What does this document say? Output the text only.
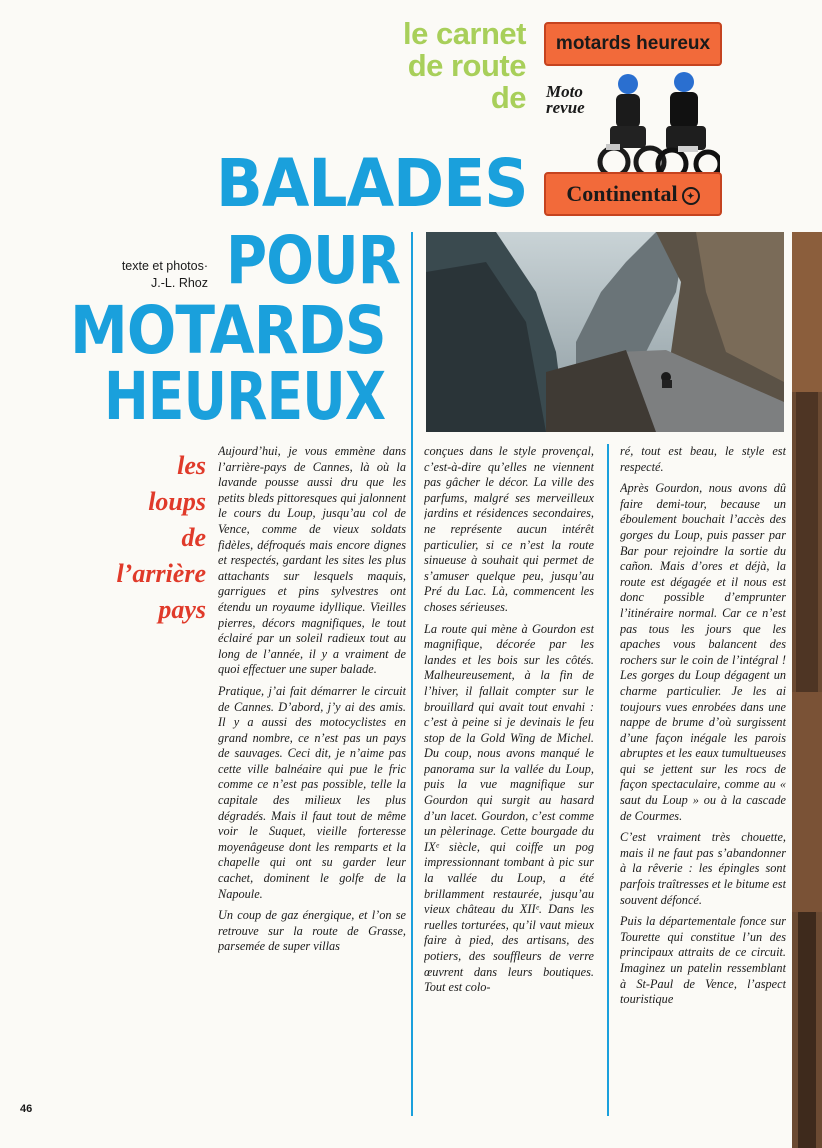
le carnet
de route
de
motards heureux
Moto revue
Continental ✦
BALADES
POUR
MOTARDS
HEUREUX
texte et photos·
J.-L. Rhoz
les
loups
de
l’arrière
pays

Aujourd’hui, je vous emmène dans l’arrière-pays de Cannes, là où la lavande pousse aussi dru que les petits bleds pittoresques qui jalonnent le cours du Loup, jusqu’au col de Vence, comme de vieux soldats fidèles, défroqués mais encore dignes et respectés, gardant les sites les plus attachants sur lesquels maquis, garrigues et pins sylvestres ont étendu un royaume idyllique. Vieilles pierres, décors magnifiques, le tout éclairé par un soleil radieux tout au long de l’année, il y a vraiment de quoi effectuer une super balade.

Pratique, j’ai fait démarrer le circuit de Cannes. D’abord, j’y ai des amis. Il y a aussi des motocyclistes en grand nombre, ce n’est pas un pays de sauvages. Ceci dit, je n’aime pas cette ville balnéaire qui pue le fric comme ce n’est pas possible, telle la capitale des milieux les plus dégradés. Mais il faut tout de même voir le Suquet, vieille forteresse moyenâgeuse dont les remparts et la chapelle qui ont su garder leur cachet, dominent le golfe de la Napoule.

Un coup de gaz énergique, et l’on se retrouve sur la route de Grasse, parsemée de super villas

conçues dans le style provençal, c’est-à-dire qu’elles ne viennent pas gâcher le décor. La ville des parfums, malgré ses merveilleux jardins et résidences secondaires, ne représente aucun intérêt particulier, si ce n’est la route sinueuse à souhait qui permet de s’amuser quelque peu, jusqu’au Pré du Lac. Là, commencent les choses sérieuses.

La route qui mène à Gourdon est magnifique, décorée par les landes et les bois sur les côtés. Malheureusement, à la fin de l’hiver, il fallait compter sur le brouillard qui avait tout envahi : c’est à peine si je devinais le feu stop de la Gold Wing de Michel. Du coup, nous avons manqué le panorama sur la vallée du Loup, puis la vue magnifique sur Gourdon qui surgit au hasard d’un lacet. Gourdon, c’est comme un pèlerinage. Cette bourgade du IXᵉ siècle, qui coiffe un pog impressionnant tombant à pic sur la vallée du Loup, a été brillamment restaurée, jusqu’au vieux château du XIIᵉ. Dans les ruelles torturées, qu’il vaut mieux faire à pied, des artisans, des potiers, des souffleurs de verre œuvrent dans leurs boutiques. Tout est colo-

ré, tout est beau, le style est respecté.

Après Gourdon, nous avons dû faire demi-tour, because un éboulement bouchait l’accès des gorges du Loup, puis passer par Bar pour rejoindre la sortie du cañon. Mais d’ores et déjà, la route est dégagée et il nous est donc possible d’emprunter l’itinéraire normal. Car ce n’est pas tous les jours que les apaches vous balancent des rochers sur le coin de l’intégral ! Les gorges du Loup dégagent un charme particulier. Je les ai toujours vues enrobées dans une nappe de brume d’où surgissent d’une façon inégale les parois abruptes et les eaux tumultueuses qui se jettent sur les rocs de façon spectaculaire, comme au « saut du Loup » ou à la cascade de Courmes.

C’est vraiment très chouette, mais il ne faut pas s’abandonner à la rêverie : les épingles sont parfois traîtresses et le bitume est souvent défoncé.

Puis la départementale fonce sur Tourette qui constitue l’un des principaux attraits de ce circuit. Imaginez un patelin ressemblant à St-Paul de Vence, l’aspect touristique

46
